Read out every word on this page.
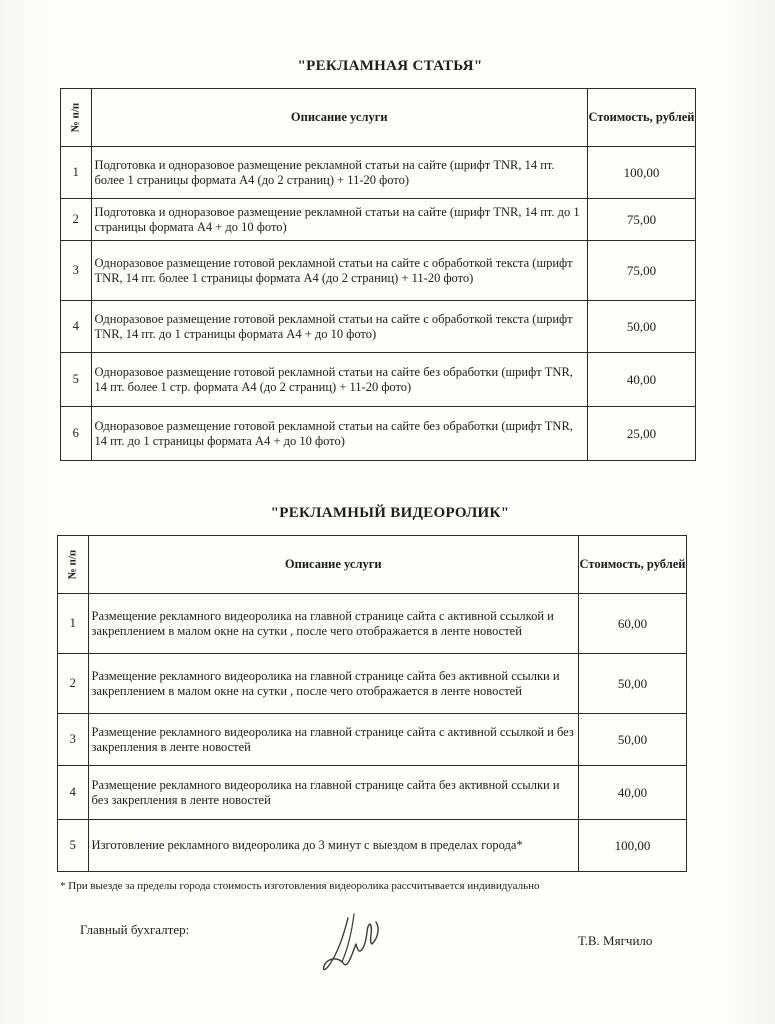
"РЕКЛАМНАЯ СТАТЬЯ"
№ п/п	Описание услуги	Стоимость, рублей
1	Подготовка и одноразовое размещение рекламной статьи на сайте (шрифт TNR, 14 пт. более 1 страницы формата А4 (до 2 страниц) + 11-20 фото)	100,00
2	Подготовка и одноразовое размещение рекламной статьи на сайте (шрифт TNR, 14 пт. до 1 страницы формата А4 + до 10 фото)	75,00
3	Одноразовое размещение готовой рекламной статьи на сайте с обработкой текста (шрифт TNR, 14 пт. более 1 страницы формата А4 (до 2 страниц) + 11-20 фото)	75,00
4	Одноразовое размещение готовой рекламной статьи на сайте с обработкой текста (шрифт TNR, 14 пт. до 1 страницы формата А4 + до 10 фото)	50,00
5	Одноразовое размещение готовой рекламной статьи на сайте без обработки (шрифт TNR, 14 пт. более 1 стр. формата А4 (до 2 страниц) + 11-20 фото)	40,00
6	Одноразовое размещение готовой рекламной статьи на сайте без обработки (шрифт TNR, 14 пт. до 1 страницы формата А4 + до 10 фото)	25,00
"РЕКЛАМНЫЙ ВИДЕОРОЛИК"
№ п/п	Описание услуги	Стоимость, рублей
1	Размещение рекламного видеоролика на главной странице сайта с активной ссылкой и закреплением в малом окне на сутки , после чего отображается в ленте новостей	60,00
2	Размещение рекламного видеоролика на главной странице сайта без активной ссылки и закреплением в малом окне на сутки , после чего отображается в ленте новостей	50,00
3	Размещение рекламного видеоролика на главной странице сайта с активной ссылкой и без закрепления в ленте новостей	50,00
4	Размещение рекламного видеоролика на главной странице сайта без активной ссылки и без закрепления в ленте новостей	40,00
5	Изготовление рекламного видеоролика до 3 минут с выездом в пределах города*	100,00
* При выезде за пределы города стоимость изготовления видеоролика рассчитывается индивидуально
Главный бухгалтер:
Т.В. Мягчило
